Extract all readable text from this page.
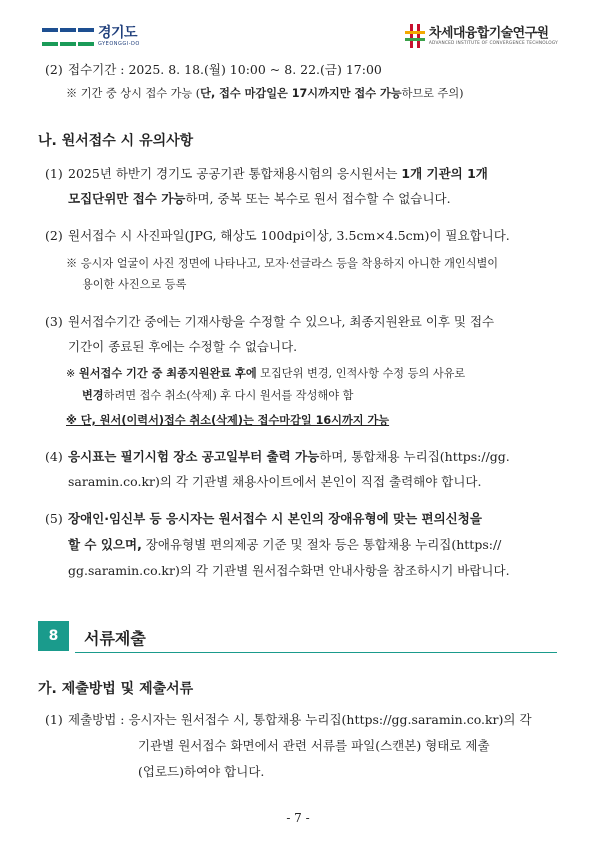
경기도
GYEONGGI-DO
차세대융합기술연구원
ADVANCED INSTITUTE OF CONVERGENCE TECHNOLOGY
(2) 접수기간 : 2025. 8. 18.(월) 10:00 ~ 8. 22.(금) 17:00
※ 기간 중 상시 접수 가능 (단, 접수 마감일은 17시까지만 접수 가능하므로 주의)
나. 원서접수 시 유의사항
(1) 2025년 하반기 경기도 공공기관 통합채용시험의 응시원서는 1개 기관의 1개
모집단위만 접수 가능하며, 중복 또는 복수로 원서 접수할 수 없습니다.
(2) 원서접수 시 사진파일(JPG, 해상도 100dpi이상, 3.5cm×4.5cm)이 필요합니다.
※ 응시자 얼굴이 사진 정면에 나타나고, 모자·선글라스 등을 착용하지 아니한 개인식별이
용이한 사진으로 등록
(3) 원서접수기간 중에는 기재사항을 수정할 수 있으나, 최종지원완료 이후 및 접수
기간이 종료된 후에는 수정할 수 없습니다.
※ 원서접수 기간 중 최종지원완료 후에 모집단위 변경, 인적사항 수정 등의 사유로
변경하려면 접수 취소(삭제) 후 다시 원서를 작성해야 함
※ 단, 원서(이력서)접수 취소(삭제)는 접수마감일 16시까지 가능
(4) 응시표는 필기시험 장소 공고일부터 출력 가능하며, 통합채용 누리집(https://gg.
saramin.co.kr)의 각 기관별 채용사이트에서 본인이 직접 출력해야 합니다.
(5) 장애인·임신부 등 응시자는 원서접수 시 본인의 장애유형에 맞는 편의신청을
할 수 있으며, 장애유형별 편의제공 기준 및 절차 등은 통합채용 누리집(https://
gg.saramin.co.kr)의 각 기관별 원서접수화면 안내사항을 참조하시기 바랍니다.
8	서류제출
가. 제출방법 및 제출서류
(1) 제출방법 : 응시자는 원서접수 시, 통합채용 누리집(https://gg.saramin.co.kr)의 각
기관별 원서접수 화면에서 관련 서류를 파일(스캔본) 형태로 제출
(업로드)하여야 합니다.
- 7 -
